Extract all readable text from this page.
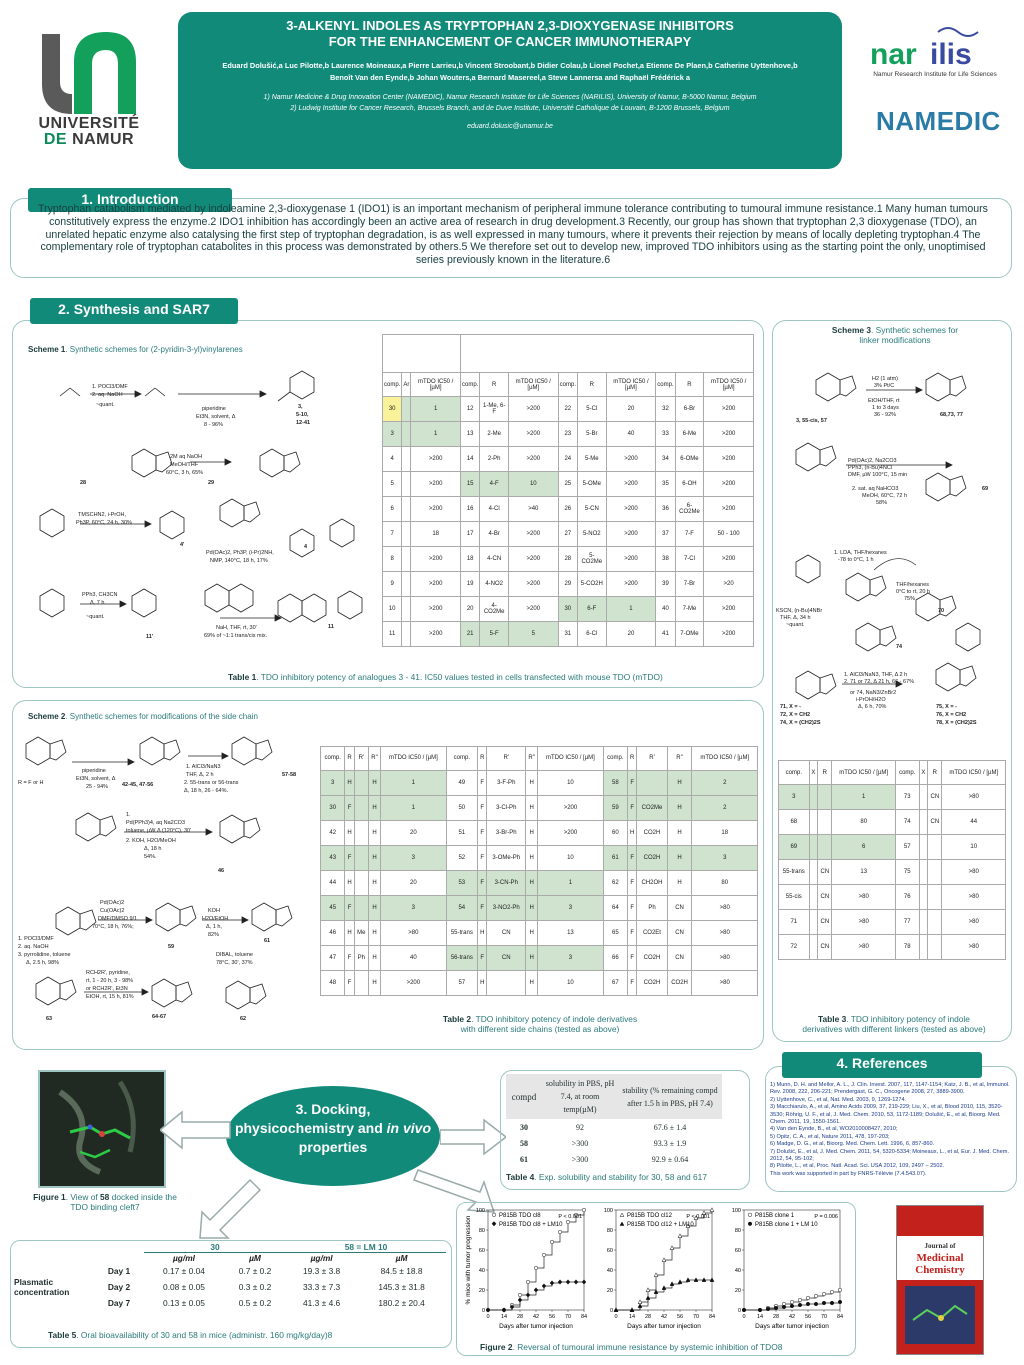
UNIVERSITÉ
DE NAMUR
3-ALKENYL INDOLES AS TRYPTOPHAN 2,3-DIOXYGENASE INHIBITORS
FOR THE ENHANCEMENT OF CANCER IMMUNOTHERAPY
Eduard Dolušić,a Luc Pilotte,b Laurence Moineaux,a Pierre Larrieu,b Vincent Stroobant,b Didier Colau,b Lionel Pochet,a Etienne De Plaen,b Catherine Uyttenhove,b
Benoît Van den Eynde,b Johan Wouters,a Bernard Masereel,a Steve Lannersa and Raphaël Frédérick a
1) Namur Medicine & Drug Innovation Center (NAMEDIC), Namur Research Institute for Life Sciences (NARILIS), University of Namur, B-5000 Namur, Belgium
2) Ludwig Institute for Cancer Research, Brussels Branch, and de Duve Institute, Université Catholique de Louvain, B-1200 Brussels, Belgium
eduard.dolusic@unamur.be
nar ilis
Namur Research Institute for Life Sciences
NAMEDIC
1. Introduction
Tryptophan catabolism mediated by indoleamine 2,3-dioxygenase 1 (IDO1) is an important mechanism of peripheral immune tolerance contributing to tumoural immune resistance.1 Many human tumours constitutively express the enzyme.2 IDO1 inhibition has accordingly been an active area of research in drug development.3 Recently, our group has shown that tryptophan 2,3 dioxygenase (TDO), an unrelated hepatic enzyme also catalysing the first step of tryptophan degradation, is as well expressed in many tumours, where it prevents their rejection by means of locally depleting tryptophan.4 The complementary role of tryptophan catabolites in this process was demonstrated by others.5 We therefore set out to develop new, improved TDO inhibitors using as the starting point the only, unoptimised series previously known in the literature.6
2. Synthesis and SAR7
Scheme 1. Synthetic schemes for (2-pyridin-3-yl)vinylarenes
1. POCl3/DMF
2. aq. NaOH
~quant.
piperidine
Et3N, solvent, Δ
8 - 96%
3,
5-10,
12-41
2M aq NaOH
MeOH/THF
60°C, 3 h, 65%
28	29
TMSCHN2, i-PrOH,
Ph3P, 60°C, 24 h, 30%
Pd(OAc)2, Ph3P, (i-Pr)2NH,
NMP, 140°C, 18 h, 17%
4'	4
PPh3, CH3CN
Δ, 7 h
~quant.
11'
NaH, THF, rt, 30'
69% of ~1:1 trans/cis mix.
11

comp.	Ar	mTDO IC50 / [µM]	comp.	R	mTDO IC50 / [µM]	comp.	R	mTDO IC50 / [µM]	comp.	R	mTDO IC50 / [µM]
30		1	12	1-Me, 6-F	>200	22	5-Cl	20	32	6-Br	>200
3		1	13	2-Me	>200	23	5-Br	40	33	6-Me	>200
4		>200	14	2-Ph	>200	24	5-Me	>200	34	6-OMe	>200
5		>200	15	4-F	10	25	5-OMe	>200	35	6-OH	>200
6		>200	16	4-Cl	>40	26	5-CN	>200	36	6-CO2Me	>200
7		18	17	4-Br	>200	27	5-NO2	>200	37	7-F	50 - 100
8		>200	18	4-CN	>200	28	5-CO2Me	>200	38	7-Cl	>200
9		>200	19	4-NO2	>200	29	5-CO2H	>200	39	7-Br	>20
10		>200	20	4-CO2Me	>200	30	6-F	1	40	7-Me	>200
11		>200	21	5-F	5	31	6-Cl	20	41	7-OMe	>200
Table 1. TDO inhibitory potency of analogues 3 - 41. IC50 values tested in cells transfected with mouse TDO (mTDO)
Scheme 2. Synthetic schemes for modifications of the side chain
R = F or H
piperidine
Et3N, solvent, Δ
25 - 94%	42-45, 47-56
1. AlCl3/NaN3
THF, Δ, 2 h
2. 55-trans or 56-trans
Δ, 18 h, 26 - 64%.
57-58
1.
Pd(PPh3)4, aq Na2CO3
toluene, µW Δ (120°C), 30'
2. KOH, H2O/MeOH
Δ, 18 h
54%.
46
Pd(OAc)2
Cu(OAc)2
DMF/DMSO 9/1
70°C, 18 h, 76%;
59
KOH
H2O/EtOH
Δ, 1 h,
82%
61
DIBAL, toluene
78°C, 30', 37%
1. POCl3/DMF
2. aq. NaOH
3. pyrrolidine, toluene
Δ, 2.5 h, 98%
RCH2R', pyridine,
rt, 1 - 20 h, 3 - 98%
or RCH2R', Et3N
EtOH, rt, 15 h, 81%
63	64-67	62

comp.	R	R'	R''	mTDO IC50 / [µM]	comp.	R	R'	R''	mTDO IC50 / [µM]	comp.	R	R'	R''	mTDO IC50 / [µM]
3	H		H	1	49	F	3-F-Ph	H	10	58	F		H	2
30	F		H	1	50	F	3-Cl-Ph	H	>200	59	F	CO2Me	H	2
42	H		H	20	51	F	3-Br-Ph	H	>200	60	H	CO2H	H	18
43	F		H	3	52	F	3-OMe-Ph	H	10	61	F	CO2H	H	3
44	H		H	20	53	F	3-CN-Ph	H	1	62	F	CH2OH	H	80
45	F		H	3	54	F	3-NO2-Ph	H	3	64	F	Ph	CN	>80
46	H	Me	H	>80	55-trans	H	CN	H	13	65	F	CO2Et	CN	>80
47	F	Ph	H	40	56-trans	F	CN	H	3	66	F	CO2H	CN	>80
48	F		H	>200	57	H		H	10	67	F	CO2H	CO2H	>80
Table 2. TDO inhibitory potency of indole derivatives
with different side chains (tested as above)
Scheme 3. Synthetic schemes for
linker modifications
H2 (1 atm)
3% Pt/C
EtOH/THF, rt
1 to 3 days
36 - 92%
3, 55-cis, 57
68,73, 77
Pd(OAc)2, Na2CO3
PPh3, (n-Bu)4NCl
DMF, µW 100°C, 15 min
2. sat. aq NaHCO3
MeOH, 60°C, 72 h
58%
69
1. LDA, THF/hexanes
-78 to 0°C, 1 h
THF/hexanes
0°C to rt, 20 h
75%
70
KSCN, (n-Bu)4NBr
THF, Δ, 34 h
~quant.
74
1. AlCl3/NaN3, THF, Δ 2 h
2. 71 or 72, Δ 21 h, 66 - 67%
or 74, NaN3/ZnBr2
i-PrOH/H2O
Δ, 6 h, 70%
71, X = -
72, X = CH2
74, X = (CH2)2S
75, X = -
76, X = CH2
78, X = (CH2)2S
comp.	X	R	mTDO IC50 / [µM]	comp.	X	R	mTDO IC50 / [µM]
3			1	73		CN	>80
68			80	74		CN	44
69			6	57			10
55-trans		CN	13	75			>80
55-cis		CN	>80	76			>80
71		CN	>80	77			>80
72		CN	>80	78			>80
Table 3. TDO inhibitory potency of indole
derivatives with different linkers (tested as above)
Figure 1. View of 58 docked inside the TDO binding cleft7
3. Docking,
physicochemistry and in vivo
properties
compd	solubility in PBS, pH 7.4, at room temp(µM)	stability (% remaining compd after 1.5 h in PBS, pH 7.4)
30	92	67.6 ± 1.4
58	>300	93.3 ± 1.9
61	>300	92.9 ± 0.64
Table 4. Exp. solubility and stability for 30, 58 and 617
		30		58 = LM 10	
		µg/ml	µM	µg/ml	µM
Plasmatic concentration	Day 1	0.17 ± 0.04	0.7 ± 0.2	19.3 ± 3.8	84.5 ± 18.8
	Day 2	0.08 ± 0.05	0.3 ± 0.2	33.3 ± 7.3	145.3 ± 31.8
	Day 7	0.13 ± 0.05	0.5 ± 0.2	41.3 ± 4.6	180.2 ± 20.4
Table 5. Oral bioavailability of 30 and 58 in mice (administr. 160 mg/kg/day)8
0 14 28 42 56 70 84
0
20
40
60
80
100
Days after tumor injection
% mice with tumor progression	P815B TDO cl8
P815B TDO cl8 + LM10
P < 0.001
0 14 28 42 56 70 84
0
20
40
60
80
100
Days after tumor injection
P815B TDO cl12
P815B TDO cl12 + LM10
P < 0.001
0 14 28 42 56 70 84
0
20
40
60
80
100
Days after tumor injection
P815B clone 1
P815B clone 1 + LM 10
P = 0.006
Figure 2. Reversal of tumoural immune resistance by systemic inhibition of TDO8
4. References
1) Munn, D. H. and Mellor, A. L., J. Clin. Invest. 2007, 117, 1147-1154; Katz, J. B., et al, Immunol. Rev. 2008, 222, 206-221; Prendergast, G. C., Oncogene 2008, 27, 3889-3900.
2) Uyttenhove, C., et al, Nat. Med. 2003, 9, 1269-1274.
3) Macchiarulo, A., et al, Amino Acids 2009, 37, 219-229; Liu, X., et al, Blood 2010, 115, 3520-3530; Röhrig, U. F., et al, J. Med. Chem. 2010, 53, 1172-1189; Dolušić, E., et al, Bioorg. Med. Chem. 2011, 19, 1550-1561.
4) Van den Eynde, B., et al, WO2010008427, 2010;
5) Opitz, C. A., et al, Nature 2011, 478, 197-203;
6) Madge, D. G., et al, Bioorg. Med. Chem. Lett. 1996, 6, 857-860.
7) Dolušić, E., et al, J. Med. Chem. 2011, 54, 5320-5334; Moineaux, L., et al, Eur. J. Med. Chem. 2012, 54, 95-102;
8) Pilotte, L., et al, Proc. Natl. Acad. Sci. USA 2012, 109, 2497 – 2502.
This work was supported in part by FNRS-Télévie (7.4.543.07).
Journal of
Medicinal
Chemistry
